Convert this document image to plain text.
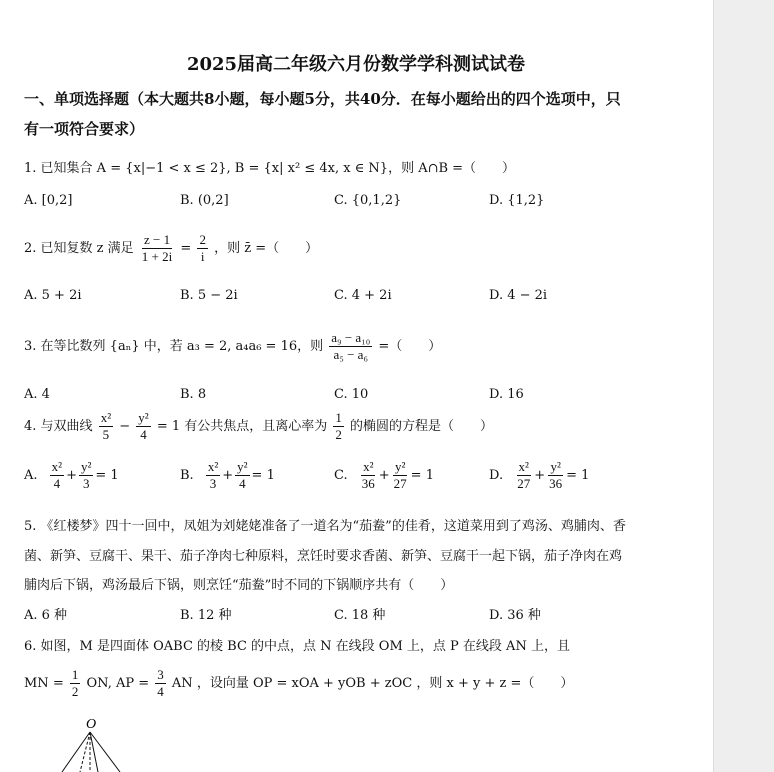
2025届高二年级六月份数学学科测试试卷
一、单项选择题（本大题共8小题，每小题5分，共40分．在每小题给出的四个选项中，只
有一项符合要求）
1. 已知集合 A = {x|−1 < x ≤ 2}, B = {x| x² ≤ 4x, x ∈ N}，则 A∩B =（　　）
A. [0,2]	B. (0,2]	C. {0,1,2}	D. {1,2}
2. 已知复数 z 满足 $\frac{z - 1}{1 + 2i} = \frac{2}{i}$ ，则 z̄ =（　　）
A. 5 + 2i	B. 5 − 2i	C. 4 + 2i	D. 4 − 2i
3. 在等比数列 {aₙ} 中，若 a₃ = 2, a₄a₆ = 16，则 $\frac{\text{a₉ − a₁₀}}{\text{a₅ − a₆}}$ =（　　）
A. 4	B. 8	C. 10	D. 16
4. 与双曲线 $\frac{\text{x²}}{5} - \frac{\text{y²}}{4} = 1$ 有公共焦点，且离心率为 $\frac{1}{2}$ 的椭圆的方程是（　　）
A. $\frac{\text{x²}}{4} + \frac{\text{y²}}{3} = 1$	B. $\frac{\text{x²}}{3} + \frac{\text{y²}}{4} = 1$	C. $\frac{\text{x²}}{36} + \frac{\text{y²}}{27} = 1$	D. $\frac{\text{x²}}{27} + \frac{\text{y²}}{36} = 1$
5. 《红楼梦》四十一回中，凤姐为刘姥姥准备了一道名为“茄鲞”的佳肴，这道菜用到了鸡汤、鸡脯肉、香
菌、新笋、豆腐干、果干、茄子净肉七种原料，烹饪时要求香菌、新笋、豆腐干一起下锅，茄子净肉在鸡
脯肉后下锅，鸡汤最后下锅，则烹饪“茄鲞”时不同的下锅顺序共有（　　）
A. 6 种	B. 12 种	C. 18 种	D. 36 种
6. 如图，M 是四面体 OABC 的棱 BC 的中点，点 N 在线段 OM 上，点 P 在线段 AN 上，且
MN = $\frac{1}{2}$ ON, AP = $\frac{3}{4}$ AN ，设向量 OP = xOA + yOB + zOC ，则 x + y + z =（　　）
O
